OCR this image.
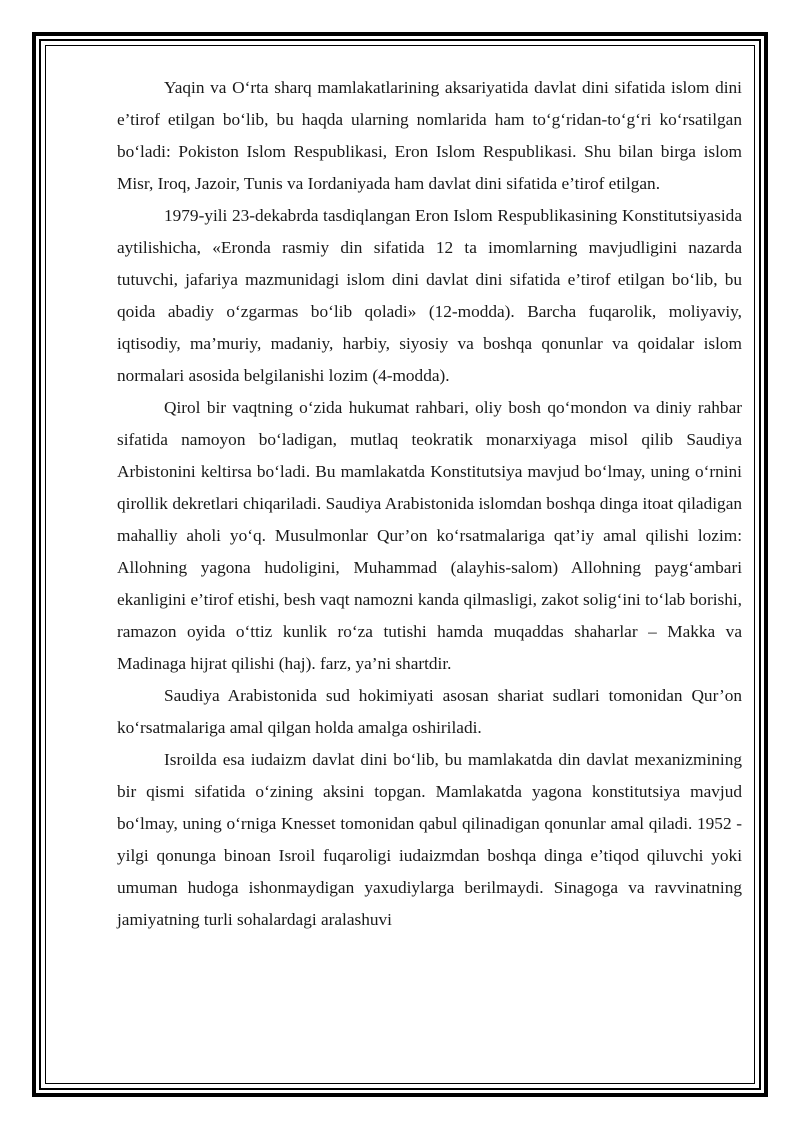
Yaqin va O‘rta sharq mamlakatlarining aksariyatida davlat dini sifatida islom dini e’tirof etilgan bo‘lib, bu haqda ularning nomlarida ham to‘g‘ridan-to‘g‘ri ko‘rsatilgan bo‘ladi: Pokiston Islom Respublikasi, Eron Islom Respublikasi. Shu bilan birga islom Misr, Iroq, Jazoir, Tunis va Iordaniyada ham davlat dini sifatida e’tirof etilgan.

1979-yili 23-dekabrda tasdiqlangan Eron Islom Respublikasining Konstitutsiyasida aytilishicha, «Eronda rasmiy din sifatida 12 ta imomlarning mavjudligini nazarda tutuvchi, jafariya mazmunidagi islom dini davlat dini sifatida e’tirof etilgan bo‘lib, bu qoida abadiy o‘zgarmas bo‘lib qoladi» (12-modda). Barcha fuqarolik, moliyaviy, iqtisodiy, ma’muriy, madaniy, harbiy, siyosiy va boshqa qonunlar va qoidalar islom normalari asosida belgilanishi lozim (4-modda).

Qirol bir vaqtning o‘zida hukumat rahbari, oliy bosh qo‘mondon va diniy rahbar sifatida namoyon bo‘ladigan, mutlaq teokratik monarxiyaga misol qilib Saudiya Arbistonini keltirsa bo‘ladi. Bu mamlakatda Konstitutsiya mavjud bo‘lmay, uning o‘rnini qirollik dekretlari chiqariladi. Saudiya Arabistonida islomdan boshqa dinga itoat qiladigan mahalliy aholi yo‘q. Musulmonlar Qur’on ko‘rsatmalariga qat’iy amal qilishi lozim: Allohning yagona hudoligini, Muhammad (alayhis-salom) Allohning payg‘ambari ekanligini e’tirof etishi, besh vaqt namozni kanda qilmasligi, zakot solig‘ini to‘lab borishi, ramazon oyida o‘ttiz kunlik ro‘za tutishi hamda muqaddas shaharlar – Makka va Madinaga hijrat qilishi (haj). farz, ya’ni shartdir.

Saudiya Arabistonida sud hokimiyati asosan shariat sudlari tomonidan Qur’on ko‘rsatmalariga amal qilgan holda amalga oshiriladi.

Isroilda esa iudaizm davlat dini bo‘lib, bu mamlakatda din davlat mexanizmining bir qismi sifatida o‘zining aksini topgan. Mamlakatda yagona konstitutsiya mavjud bo‘lmay, uning o‘rniga Knesset tomonidan qabul qilinadigan qonunlar amal qiladi. 1952 -yilgi qonunga binoan Isroil fuqaroligi iudaizmdan boshqa dinga e’tiqod qiluvchi yoki umuman hudoga ishonmaydigan yaxudiylarga berilmaydi. Sinagoga va ravvinatning jamiyatning turli sohalardagi aralashuvi
